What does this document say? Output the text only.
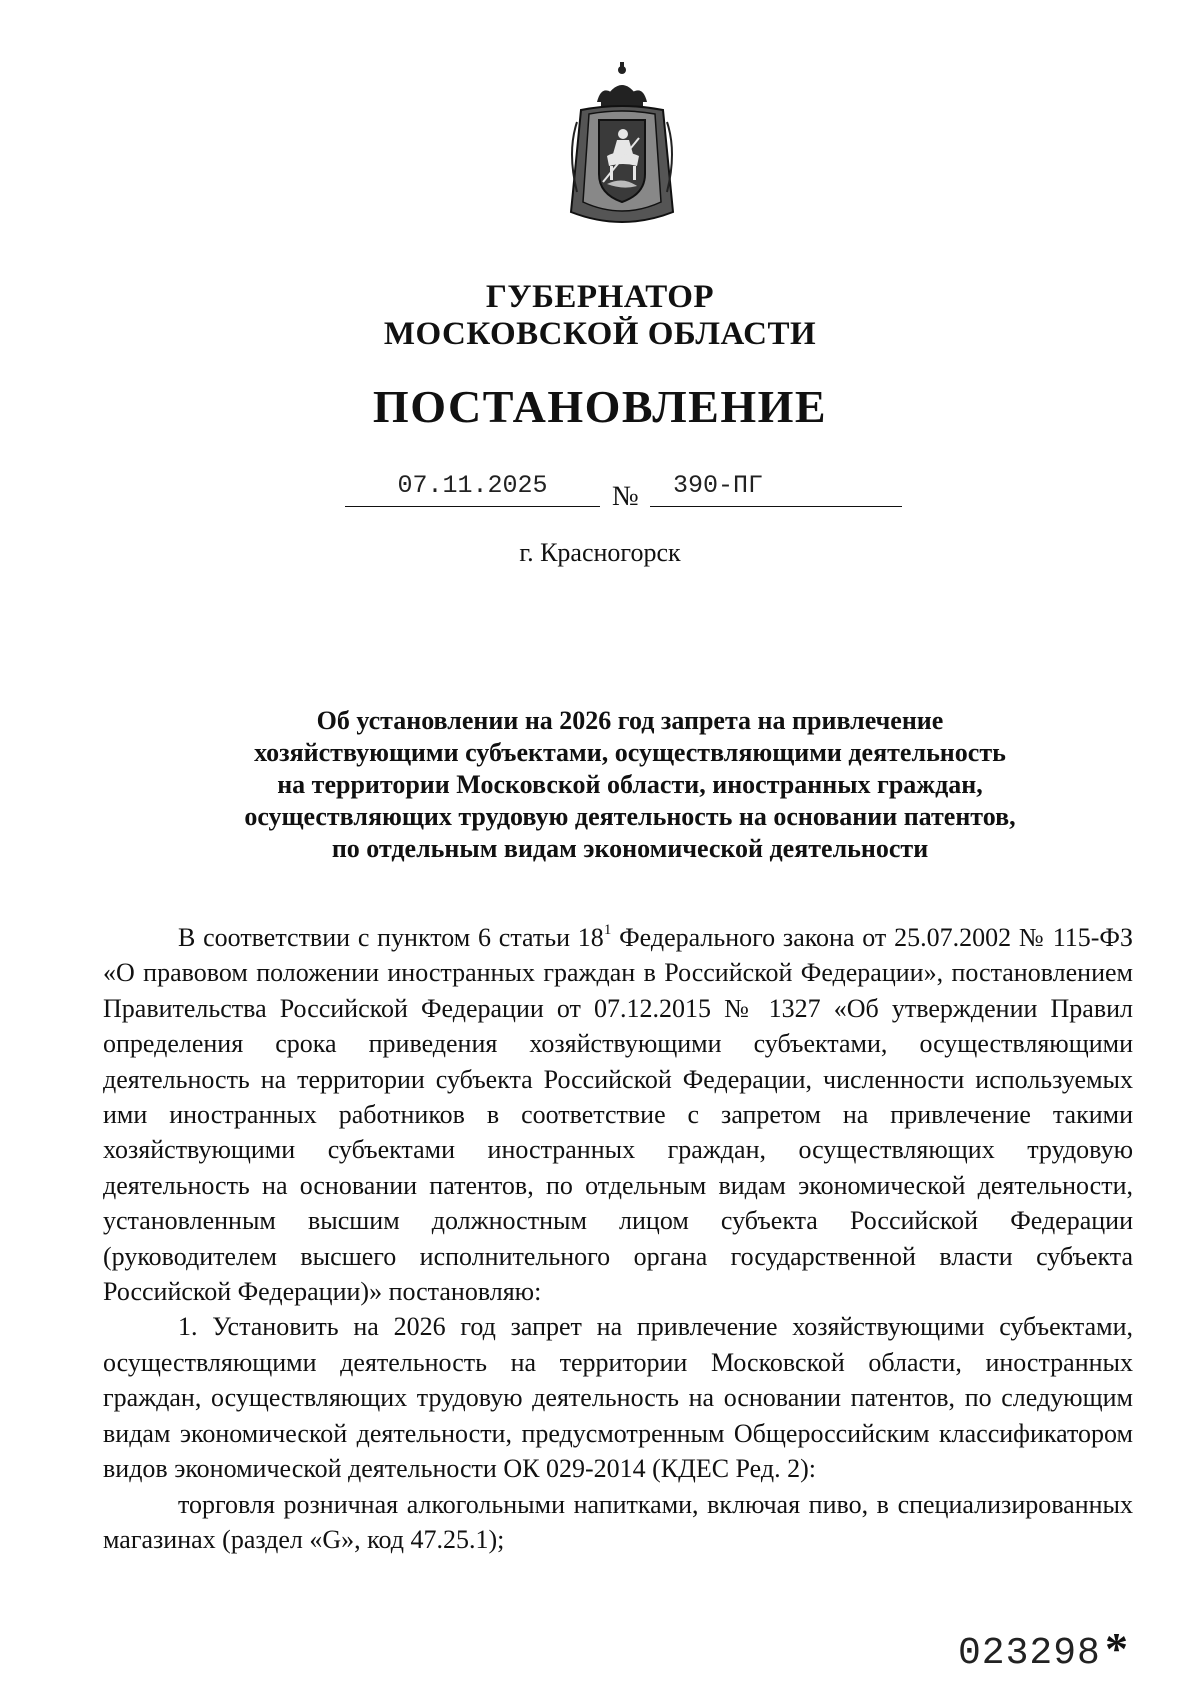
ГУБЕРНАТОР
МОСКОВСКОЙ ОБЛАСТИ
ПОСТАНОВЛЕНИЕ
07.11.2025	№	390-ПГ
г. Красногорск
Об установлении на 2026 год запрета на привлечение
хозяйствующими субъектами, осуществляющими деятельность
на территории Московской области, иностранных граждан,
осуществляющих трудовую деятельность на основании патентов,
по отдельным видам экономической деятельности

В соответствии с пунктом 6 статьи $18^1$ Федерального закона от 25.07.2002 № 115-ФЗ «О правовом положении иностранных граждан в Российской Федерации», постановлением Правительства Российской Федерации от 07.12.2015 № 1327 «Об утверждении Правил определения срока приведения хозяйствующими субъектами, осуществляющими деятельность на территории субъекта Российской Федерации, численности используемых ими иностранных работников в соответствие с запретом на привлечение такими хозяйствующими субъектами иностранных граждан, осуществляющих трудовую деятельность на основании патентов, по отдельным видам экономической деятельности, установленным высшим должностным лицом субъекта Российской Федерации (руководителем высшего исполнительного органа государственной власти субъекта Российской Федерации)» постановляю:

1. Установить на 2026 год запрет на привлечение хозяйствующими субъектами, осуществляющими деятельность на территории Московской области, иностранных граждан, осуществляющих трудовую деятельность на основании патентов, по следующим видам экономической деятельности, предусмотренным Общероссийским классификатором видов экономической деятельности ОК 029-2014 (КДЕС Ред. 2):

торговля розничная алкогольными напитками, включая пиво, в специализированных магазинах (раздел «G», код 47.25.1);

023298 *
